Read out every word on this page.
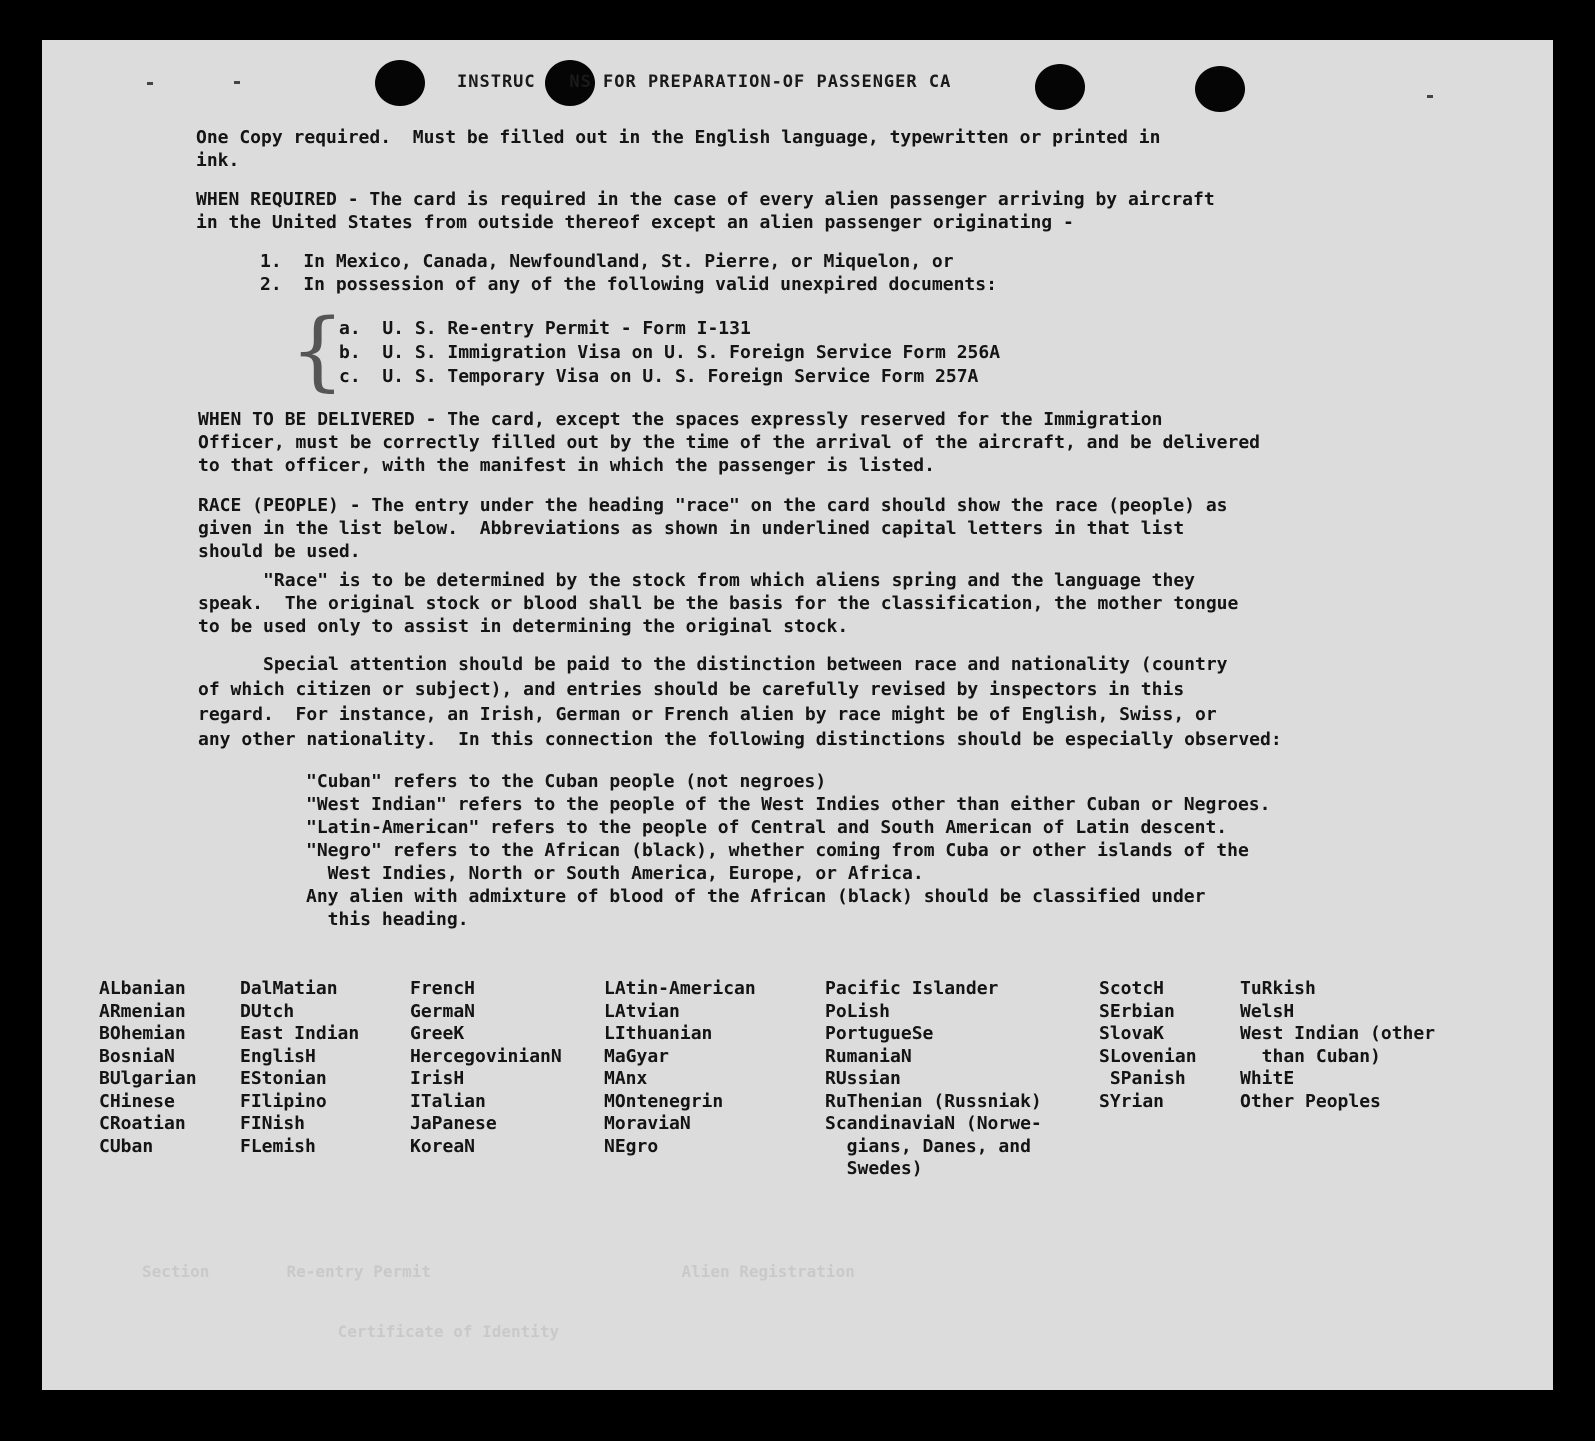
INSTRUC   NS FOR PREPARATION-OF PASSENGER CA

One Copy required.  Must be filled out in the English language, typewritten or printed in
ink.

WHEN REQUIRED - The card is required in the case of every alien passenger arriving by aircraft
in the United States from outside thereof except an alien passenger originating -

1.  In Mexico, Canada, Newfoundland, St. Pierre, or Miquelon, or
2.  In possession of any of the following valid unexpired documents:

{

a.  U. S. Re-entry Permit - Form I-131
b.  U. S. Immigration Visa on U. S. Foreign Service Form 256A
c.  U. S. Temporary Visa on U. S. Foreign Service Form 257A

WHEN TO BE DELIVERED - The card, except the spaces expressly reserved for the Immigration
Officer, must be correctly filled out by the time of the arrival of the aircraft, and be delivered
to that officer, with the manifest in which the passenger is listed.

RACE (PEOPLE) - The entry under the heading "race" on the card should show the race (people) as
given in the list below.  Abbreviations as shown in underlined capital letters in that list
should be used.

"Race" is to be determined by the stock from which aliens spring and the language they
speak.  The original stock or blood shall be the basis for the classification, the mother tongue
to be used only to assist in determining the original stock.

Special attention should be paid to the distinction between race and nationality (country
of which citizen or subject), and entries should be carefully revised by inspectors in this
regard.  For instance, an Irish, German or French alien by race might be of English, Swiss, or
any other nationality.  In this connection the following distinctions should be especially observed:

"Cuban" refers to the Cuban people (not negroes)
"West Indian" refers to the people of the West Indies other than either Cuban or Negroes.
"Latin-American" refers to the people of Central and South American of Latin descent.
"Negro" refers to the African (black), whether coming from Cuba or other islands of the
West Indies, North or South America, Europe, or Africa.
Any alien with admixture of blood of the African (black) should be classified under
this heading.

ALbanian
ARmenian
BOhemian
BosniaN
BUlgarian
CHinese
CRoatian
CUban
DalMatian
DUtch
East Indian
EnglisH
EStonian
FIlipino
FINish
FLemish
FrencH
GermaN
GreeK
HercegovinianN
IrisH
ITalian
JaPanese
KoreaN
LAtin-American
LAtvian
LIthuanian
MaGyar
MAnx
MOntenegrin
MoraviaN
NEgro
Pacific Islander
PoLish
PortugueSe
RumaniaN
RUssian
RuThenian (Russniak)
ScandinaviaN (Norwe-
gians, Danes, and
Swedes)
ScotcH
SErbian
SlovaK
SLovenian
SPanish
SYrian
TuRkish
WelsH
West Indian (other
than Cuban)
WhitE
Other Peoples
Section        Re-entry Permit                          Alien Registration
Certificate of Identity
